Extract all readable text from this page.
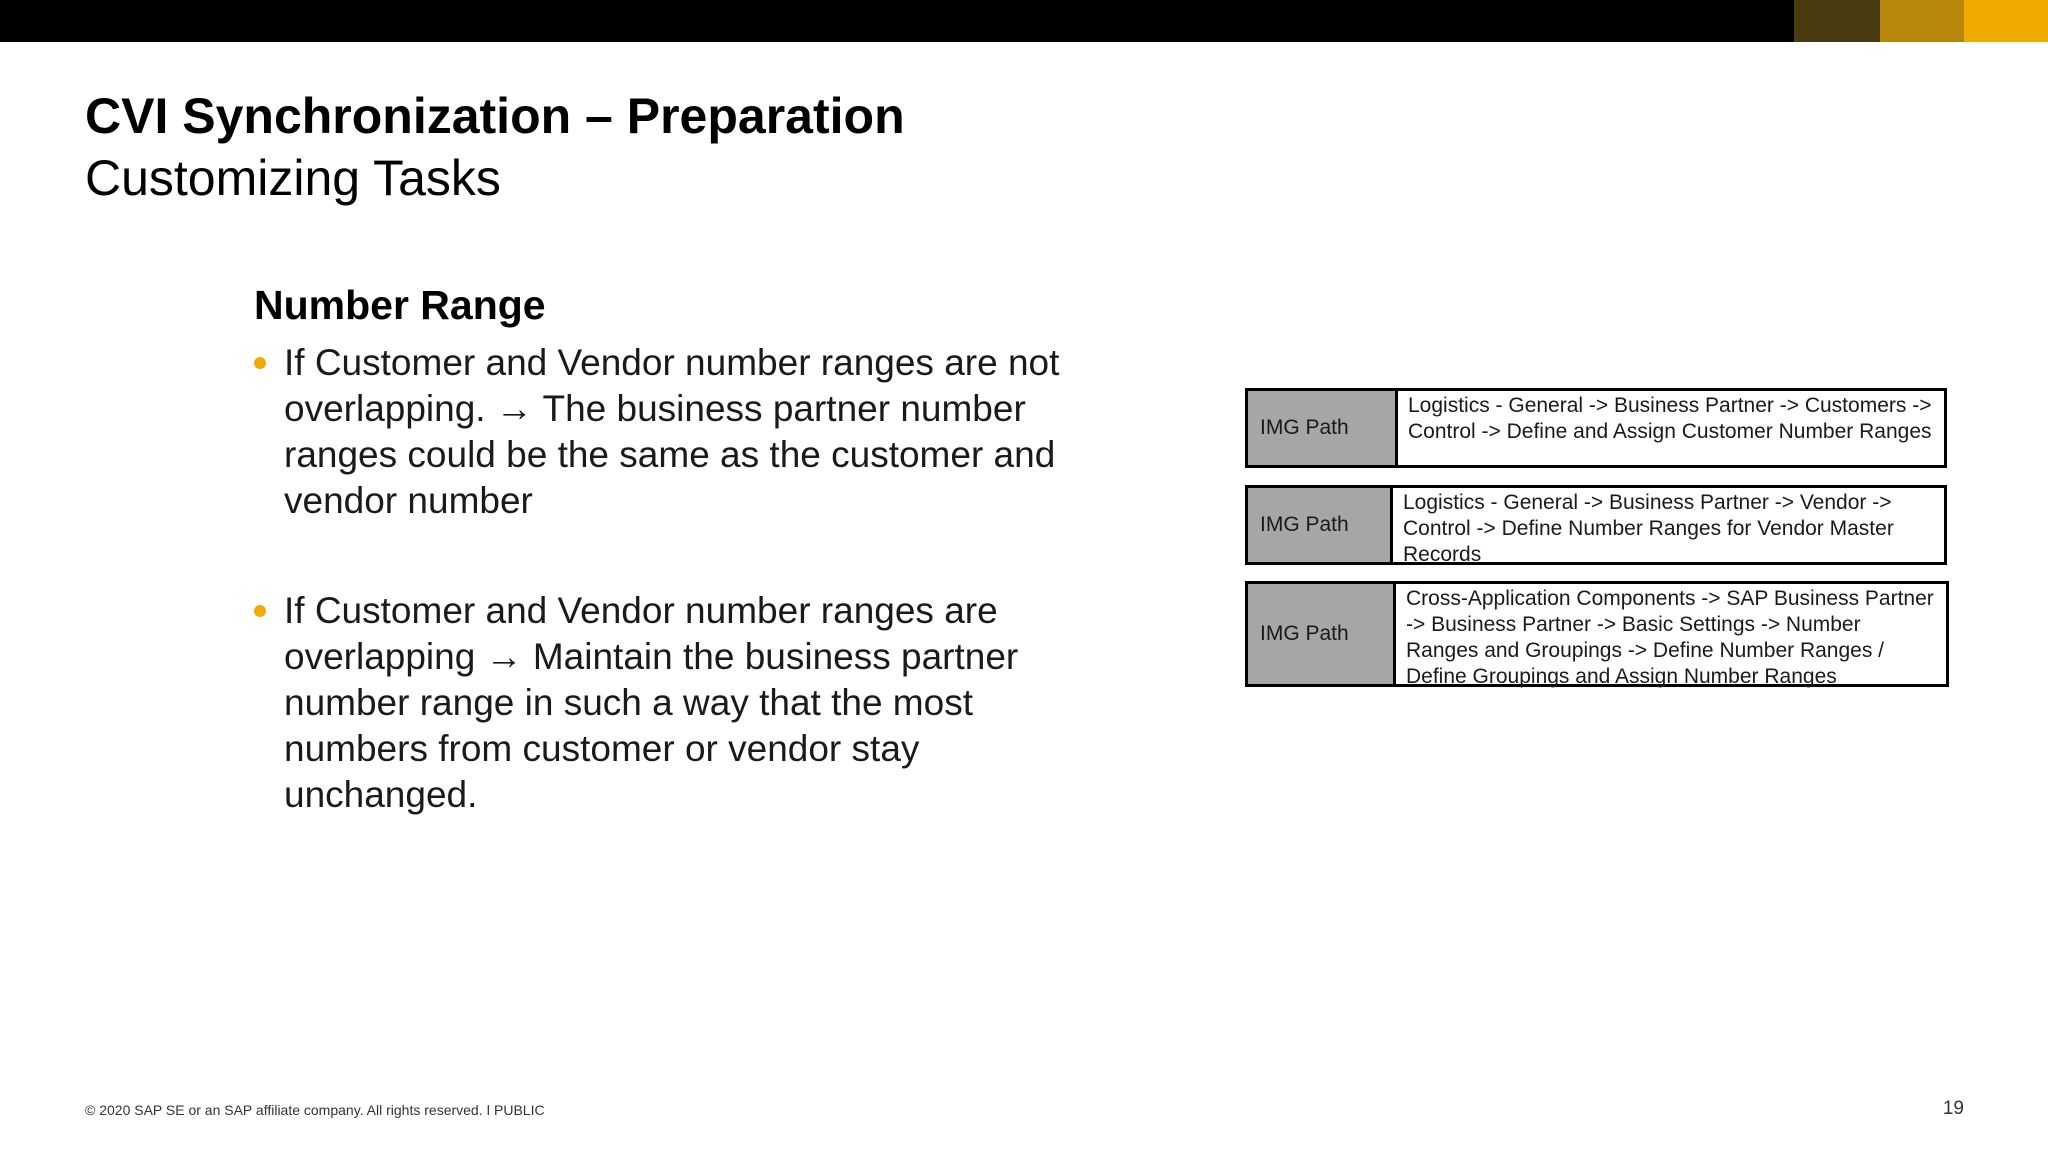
CVI Synchronization – Preparation
Customizing Tasks
Number Range
If Customer and Vendor number ranges are not overlapping. → The business partner number ranges could be the same as the customer and vendor number
If Customer and Vendor number ranges are overlapping → Maintain the business partner number range in such a way that the most numbers from customer or vendor stay unchanged.
IMG Path
Logistics - General -> Business Partner -> Customers -> Control -> Define and Assign Customer Number Ranges
IMG Path
Logistics - General -> Business Partner -> Vendor -> Control -> Define Number Ranges for Vendor Master Records
IMG Path
Cross-Application Components -> SAP Business Partner -> Business Partner -> Basic Settings -> Number Ranges and Groupings -> Define Number Ranges / Define Groupings and Assign Number Ranges
© 2020 SAP SE or an SAP affiliate company. All rights reserved. ǀ PUBLIC	19
